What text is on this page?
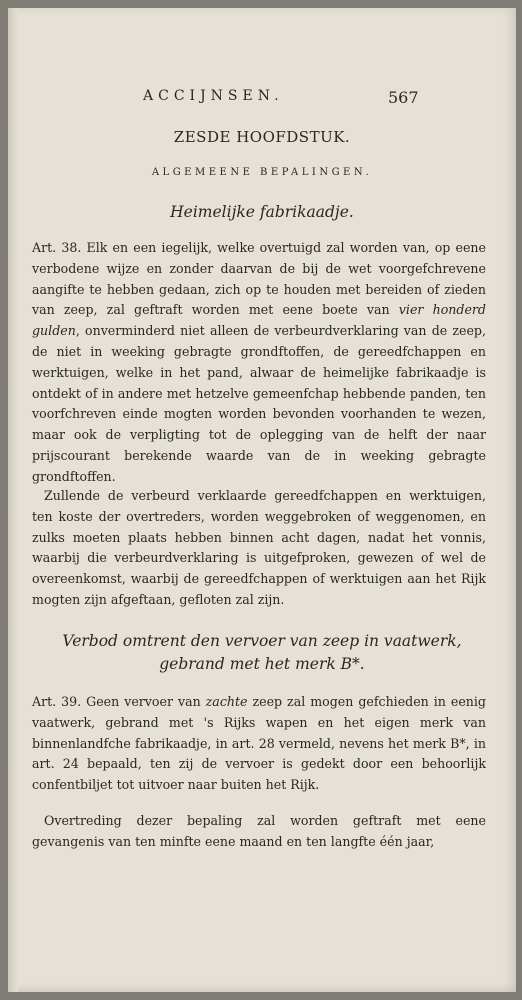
ACCIJNSEN.	567
ZESDE HOOFDSTUK.
ALGEMEENE BEPALINGEN.
Heimelijke fabrikaadje.

Art. 38. Elk en een iegelijk, welke overtuigd zal worden van, op eene verbodene wijze en zonder daarvan de bij de wet voorgefchrevene aangifte te hebben gedaan, zich op te houden met bereiden of zieden van zeep, zal geftraft worden met eene boete van vier honderd gulden, onverminderd niet alleen de verbeurdverklaring van de zeep, de niet in weeking gebragte grondftoffen, de gereedfchappen en werktuigen, welke in het pand, alwaar de heimelijke fabrikaadje is ontdekt of in andere met hetzelve gemeenfchap hebbende panden, ten voorfchreven einde mogten worden bevonden voorhanden te wezen, maar ook de verpligting tot de oplegging van de helft der naar prijscourant berekende waarde van de in weeking gebragte grondftoffen.

Zullende de verbeurd verklaarde gereedfchappen en werktuigen, ten koste der overtreders, worden weggebroken of weggenomen, en zulks moeten plaats hebben binnen acht dagen, nadat het vonnis, waarbij die verbeurdverklaring is uitgefproken, gewezen of wel de overeenkomst, waarbij de gereedfchappen of werktuigen aan het Rijk mogten zijn afgeftaan, gefloten zal zijn.

Verbod omtrent den vervoer van zeep in vaatwerk,
gebrand met het merk B*.

Art. 39. Geen vervoer van zachte zeep zal mogen gefchieden in eenig vaatwerk, gebrand met 's Rijks wapen en het eigen merk van binnenlandfche fabrikaadje, in art. 28 vermeld, nevens het merk B*, in art. 24 bepaald, ten zij de vervoer is gedekt door een behoorlijk confentbiljet tot uitvoer naar buiten het Rijk.

Overtreding dezer bepaling zal worden geftraft met eene gevangenis van ten minfte eene maand en ten langfte één jaar,
